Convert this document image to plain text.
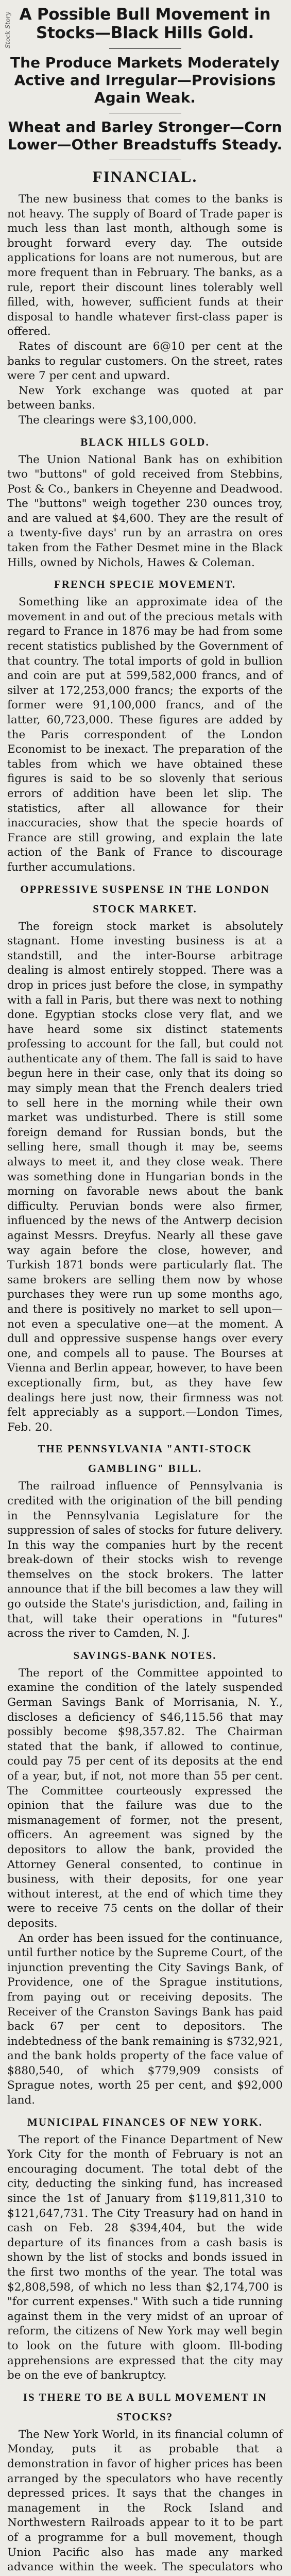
Stock Story A Possible Bull Movement in Stocks—Black Hills Gold.
The Produce Markets Moderately Active and Irregular—Provisions Again Weak.
Wheat and Barley Stronger—Corn Lower—Other Breadstuffs Steady.
FINANCIAL.

The new business that comes to the banks is not heavy. The supply of Board of Trade paper is much less than last month, although some is brought forward every day. The outside applications for loans are not numerous, but are more frequent than in February. The banks, as a rule, report their discount lines tolerably well filled, with, however, sufficient funds at their disposal to handle whatever first-class paper is offered.

Rates of discount are 6@10 per cent at the banks to regular customers. On the street, rates were 7 per cent and upward.

New York exchange was quoted at par between banks.

The clearings were $3,100,000.

BLACK HILLS GOLD.

The Union National Bank has on exhibition two "buttons" of gold received from Stebbins, Post & Co., bankers in Cheyenne and Deadwood. The "buttons" weigh together 230 ounces troy, and are valued at $4,600. They are the result of a twenty-five days' run by an arrastra on ores taken from the Father Desmet mine in the Black Hills, owned by Nichols, Hawes & Coleman.

FRENCH SPECIE MOVEMENT.

Something like an approximate idea of the movement in and out of the precious metals with regard to France in 1876 may be had from some recent statistics published by the Government of that country. The total imports of gold in bullion and coin are put at 599,582,000 francs, and of silver at 172,253,000 francs; the exports of the former were 91,100,000 francs, and of the latter, 60,723,000. These figures are added by the Paris correspondent of the London Economist to be inexact. The preparation of the tables from which we have obtained these figures is said to be so slovenly that serious errors of addition have been let slip. The statistics, after all allowance for their inaccuracies, show that the specie hoards of France are still growing, and explain the late action of the Bank of France to discourage further accumulations.

OPPRESSIVE SUSPENSE IN THE LONDON STOCK MARKET.

The foreign stock market is absolutely stagnant. Home investing business is at a standstill, and the inter-Bourse arbitrage dealing is almost entirely stopped. There was a drop in prices just before the close, in sympathy with a fall in Paris, but there was next to nothing done. Egyptian stocks close very flat, and we have heard some six distinct statements professing to account for the fall, but could not authenticate any of them. The fall is said to have begun here in their case, only that its doing so may simply mean that the French dealers tried to sell here in the morning while their own market was undisturbed. There is still some foreign demand for Russian bonds, but the selling here, small though it may be, seems always to meet it, and they close weak. There was something done in Hungarian bonds in the morning on favorable news about the bank difficulty. Peruvian bonds were also firmer, influenced by the news of the Antwerp decision against Messrs. Dreyfus. Nearly all these gave way again before the close, however, and Turkish 1871 bonds were particularly flat. The same brokers are selling them now by whose purchases they were run up some months ago, and there is positively no market to sell upon—not even a speculative one—at the moment. A dull and oppressive suspense hangs over every one, and compels all to pause. The Bourses at Vienna and Berlin appear, however, to have been exceptionally firm, but, as they have few dealings here just now, their firmness was not felt appreciably as a support.—London Times, Feb. 20.

THE PENNSYLVANIA "ANTI-STOCK GAMBLING" BILL.

The railroad influence of Pennsylvania is credited with the origination of the bill pending in the Pennsylvania Legislature for the suppression of sales of stocks for future delivery. In this way the companies hurt by the recent break-down of their stocks wish to revenge themselves on the stock brokers. The latter announce that if the bill becomes a law they will go outside the State's jurisdiction, and, failing in that, will take their operations in "futures" across the river to Camden, N. J.

SAVINGS-BANK NOTES.

The report of the Committee appointed to examine the condition of the lately suspended German Savings Bank of Morrisania, N. Y., discloses a deficiency of $46,115.56 that may possibly become $98,357.82. The Chairman stated that the bank, if allowed to continue, could pay 75 per cent of its deposits at the end of a year, but, if not, not more than 55 per cent. The Committee courteously expressed the opinion that the failure was due to the mismanagement of former, not the present, officers. An agreement was signed by the depositors to allow the bank, provided the Attorney General consented, to continue in business, with their deposits, for one year without interest, at the end of which time they were to receive 75 cents on the dollar of their deposits.

An order has been issued for the continuance, until further notice by the Supreme Court, of the injunction preventing the City Savings Bank, of Providence, one of the Sprague institutions, from paying out or receiving deposits. The Receiver of the Cranston Savings Bank has paid back 67 per cent to depositors. The indebtedness of the bank remaining is $732,921, and the bank holds property of the face value of $880,540, of which $779,909 consists of Sprague notes, worth 25 per cent, and $92,000 land.

MUNICIPAL FINANCES OF NEW YORK.

The report of the Finance Department of New York City for the month of February is not an encouraging document. The total debt of the city, deducting the sinking fund, has increased since the 1st of January from $119,811,310 to $121,647,731. The City Treasury had on hand in cash on Feb. 28 $394,404, but the wide departure of its finances from a cash basis is shown by the list of stocks and bonds issued in the first two months of the year. The total was $2,808,598, of which no less than $2,174,700 is "for current expenses." With such a tide running against them in the very midst of an uproar of reform, the citizens of New York may well begin to look on the future with gloom. Ill-boding apprehensions are expressed that the city may be on the eve of bankruptcy.

IS THERE TO BE A BULL MOVEMENT IN STOCKS?

The New York World, in its financial column of Monday, puts it as probable that a demonstration in favor of higher prices has been arranged by the speculators who have recently depressed prices. It says that the changes in management in the Rock Island and Northwestern Railroads appear to it to be part of a programme for a bull movement, though Union Pacific also has made any marked advance within the week. The speculators who
